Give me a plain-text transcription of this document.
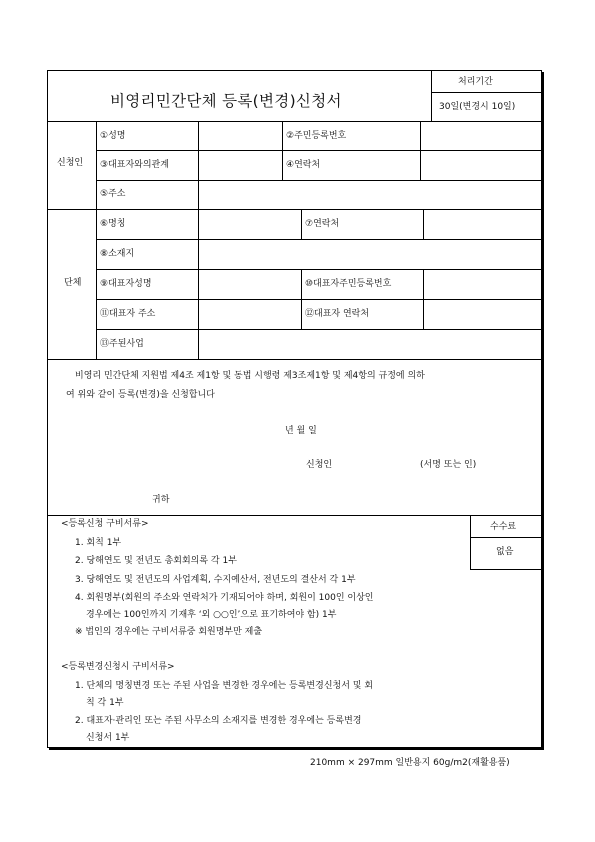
비영리민간단체 등록(변경)신청서
처리기간
30일(변경시 10일)
신청인
①성명	②주민등록번호
③대표자와의관계	④연락처
⑤주소
단체
⑥명칭	⑦연락처
⑧소재지
⑨대표자성명	⑩대표자주민등록번호
⑪대표자 주소	⑫대표자 연락처
⑬주된사업
비영리 민간단체 지원법 제4조 제1항 및 동법 시행령 제3조제1항 및 제4항의 규정에 의하
여 위와 같이 등록(변경)을 신청합니다
년 월 일
신청인	(서명 또는 인)
귀하
수수료
없음
<등록신청 구비서류>
1. 회칙 1부
2. 당해연도 및 전년도 총회회의록 각 1부
3. 당해연도 및 전년도의 사업계획, 수지예산서, 전년도의 결산서 각 1부
4. 회원명부(회원의 주소와 연락처가 기재되어야 하며, 회원이 100인 이상인
경우에는 100인까지 기재후 ‘외 ○○인’으로 표기하여야 함) 1부
※ 법인의 경우에는 구비서류중 회원명부만 제출
<등록변경신청시 구비서류>
1. 단체의 명칭변경 또는 주된 사업을 변경한 경우에는 등록변경신청서 및 회
칙 각 1부
2. 대표자·관리인 또는 주된 사무소의 소재지를 변경한 경우에는 등록변경
신청서 1부
210mm × 297mm 일반용지 60g/m2(재활용품)
